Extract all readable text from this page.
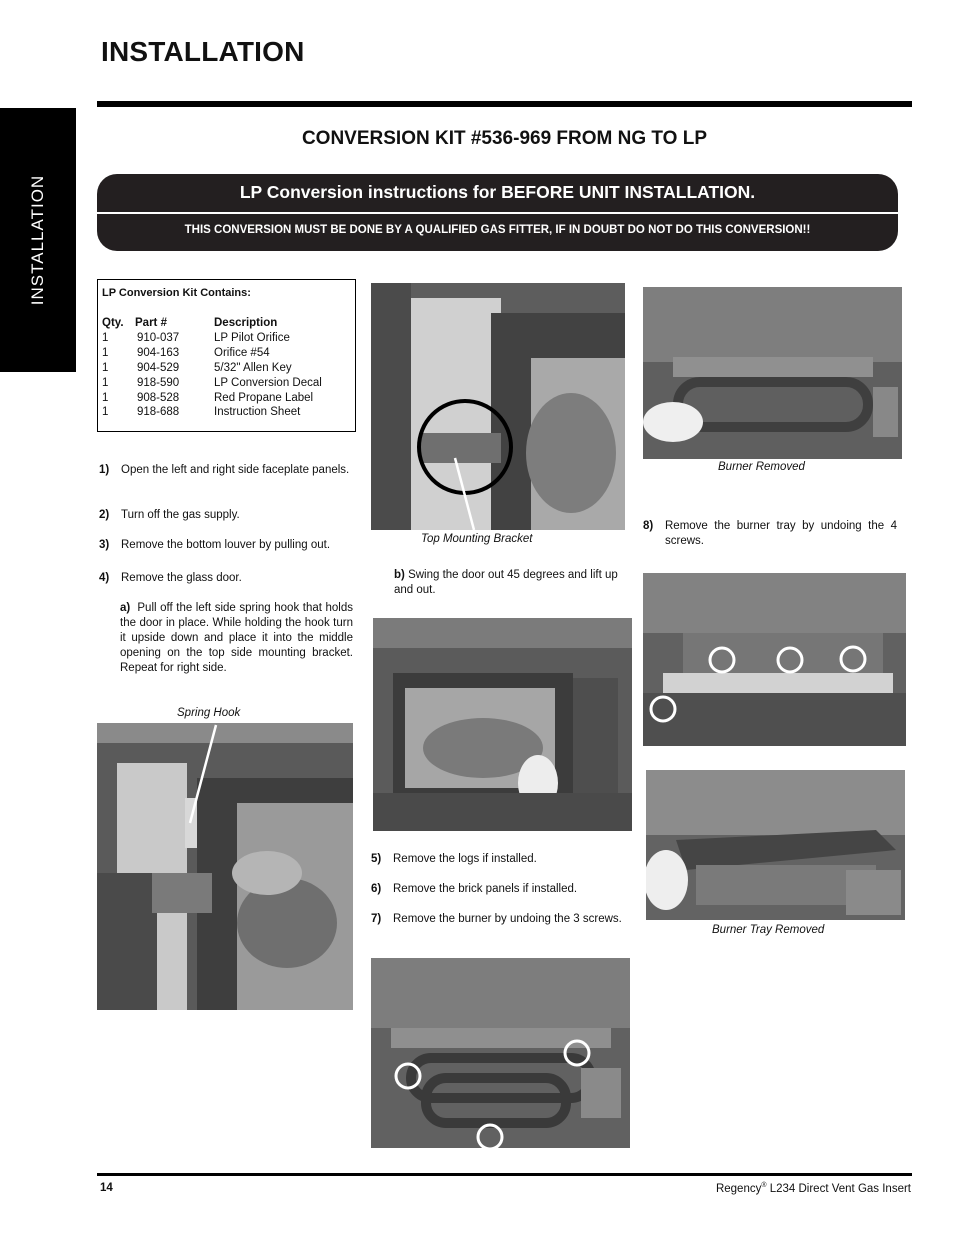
INSTALLATION
INSTALLATION
CONVERSION KIT #536-969 FROM NG TO LP
LP Conversion instructions for BEFORE UNIT INSTALLATION.
THIS CONVERSION MUST BE DONE BY A QUALIFIED GAS FITTER, IF IN DOUBT DO NOT DO THIS CONVERSION!!
LP Conversion Kit Contains:
Qty. Part #	Description
1 910-037	LP Pilot Orifice
1 904-163	Orifice #54
1 904-529	5/32" Allen Key
1 918-590	LP Conversion Decal
1 908-528	Red Propane Label
1 918-688	Instruction Sheet
1) Open the left and right side faceplate panels.
2) Turn off the gas supply.
3) Remove the bottom louver by pulling out.
4) Remove the glass door.
a) Pull off the left side spring hook that holds the door in place. While holding the hook turn it upside down and place it into the middle opening on the top side mounting bracket. Repeat for right side.
Spring Hook
Top Mounting Bracket
b) Swing the door out 45 degrees and lift up and out.
5) Remove the logs if installed.
6) Remove the brick panels if installed.
7) Remove the burner by undoing the 3 screws.
Burner Removed
8) Remove the burner tray by undoing the 4 screws.
Burner Tray Removed
14	Regency® L234 Direct Vent Gas Insert
